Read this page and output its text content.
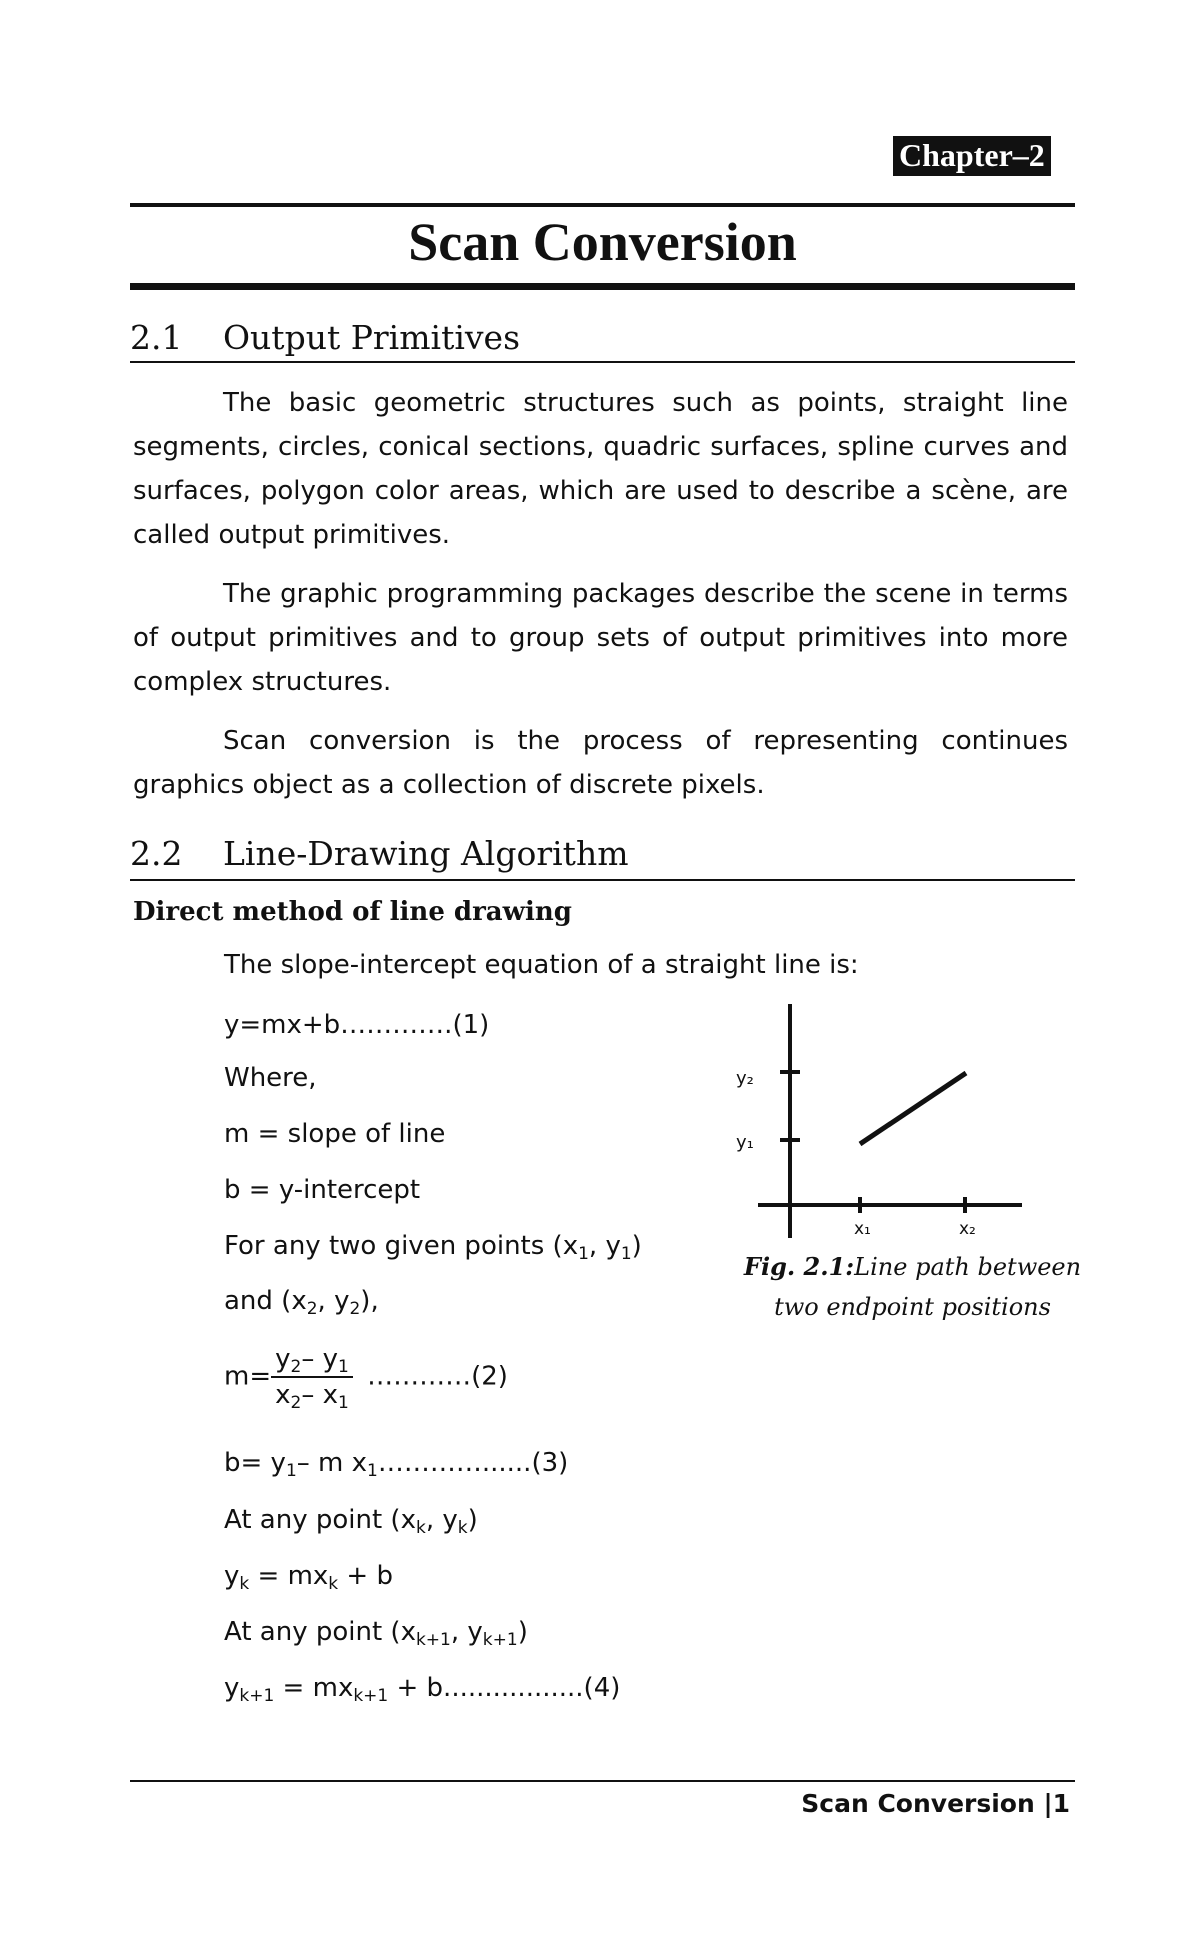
Chapter–2
Scan Conversion
2.1 Output Primitives
The basic geometric structures such as points, straight line segments, circles, conical sections, quadric surfaces, spline curves and surfaces, polygon color areas, which are used to describe a scène, are called output primitives.
The graphic programming packages describe the scene in terms of output primitives and to group sets of output primitives into more complex structures.
Scan conversion is the process of representing continues graphics object as a collection of discrete pixels.
2.2 Line-Drawing Algorithm
Direct method of line drawing
The slope-intercept equation of a straight line is:
y=mx+b………….(1)
Where,
m = slope of line
b = y-intercept
For any two given points ($x_1$, $y_1$)
and ($x_2$, $y_2$),
$m= \frac{y_2- y_1}{x_2- x_1}$ …………(2)
$b= y_1-$ m $x_1\dots\dots\dots\dots......(3)$
At any point ($x_k$, $y_k$)
$y_k = mx_k + b$
At any point ($x_{k+1}$, $y_{k+1}$)
$y_{k+1} = mx_{k+1} + b.................(4)$
y₂
y₁
x₁	x₂
Fig. 2.1:Line path between two endpoint positions
Scan Conversion |1
